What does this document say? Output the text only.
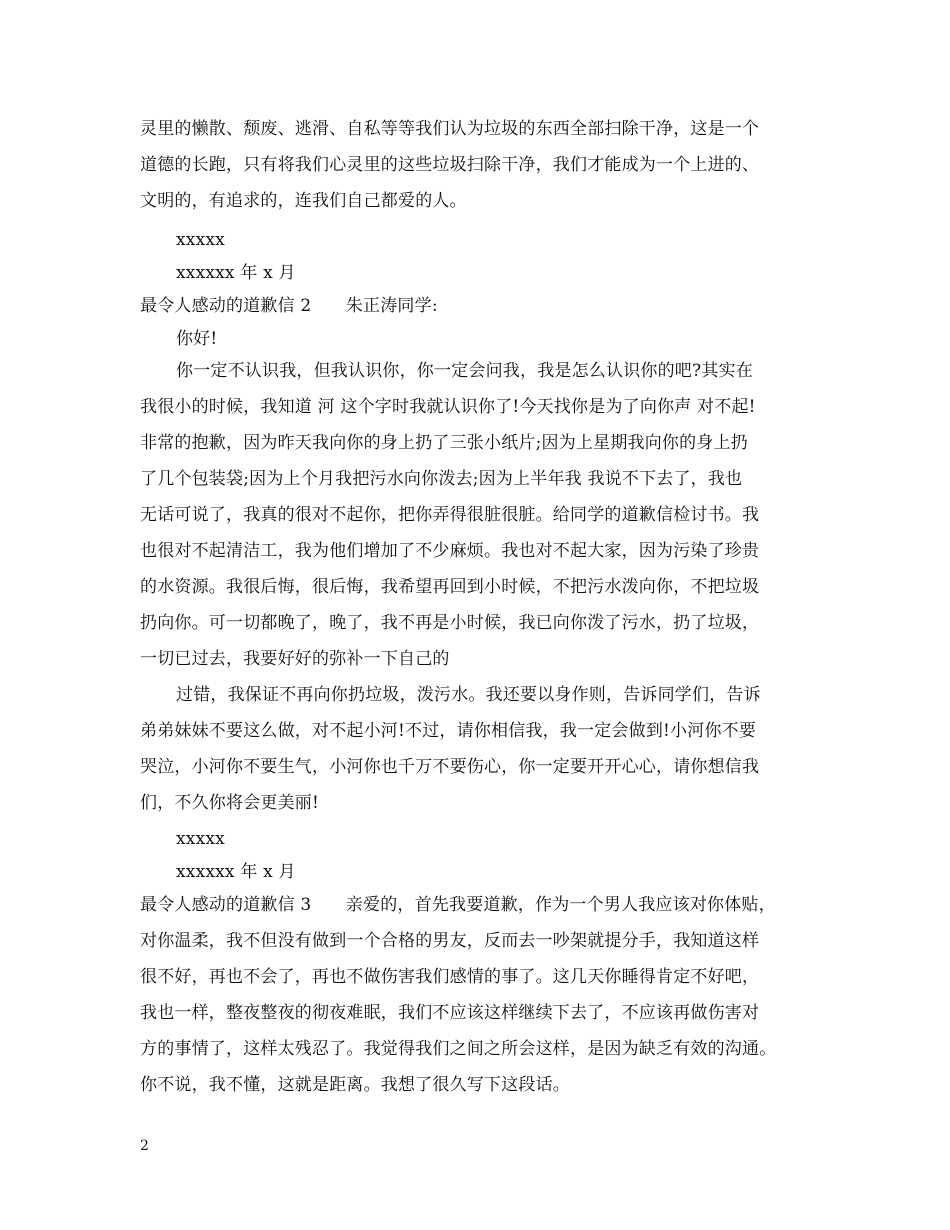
灵里的懒散、颓废、逃滑、自私等等我们认为垃圾的东西全部扫除干净，这是一个
道德的长跑，只有将我们心灵里的这些垃圾扫除干净，我们才能成为一个上进的、
文明的，有追求的，连我们自己都爱的人。
xxxxx
xxxxxx 年 x 月
最令人感动的道歉信 2　　朱正涛同学:
你好!
你一定不认识我，但我认识你，你一定会问我，我是怎么认识你的吧?其实在
我很小的时候，我知道 河 这个字时我就认识你了!今天找你是为了向你声 对不起!
非常的抱歉，因为昨天我向你的身上扔了三张小纸片;因为上星期我向你的身上扔
了几个包装袋;因为上个月我把污水向你泼去;因为上半年我 我说不下去了，我也
无话可说了，我真的很对不起你，把你弄得很脏很脏。给同学的道歉信检讨书。我
也很对不起清洁工，我为他们增加了不少麻烦。我也对不起大家，因为污染了珍贵
的水资源。我很后悔，很后悔，我希望再回到小时候，不把污水泼向你，不把垃圾
扔向你。可一切都晚了，晚了，我不再是小时候，我已向你泼了污水，扔了垃圾，
一切已过去，我要好好的弥补一下自己的
过错，我保证不再向你扔垃圾，泼污水。我还要以身作则，告诉同学们，告诉
弟弟妹妹不要这么做，对不起小河!不过，请你相信我，我一定会做到!小河你不要
哭泣，小河你不要生气，小河你也千万不要伤心，你一定要开开心心，请你想信我
们，不久你将会更美丽!
xxxxx
xxxxxx 年 x 月
最令人感动的道歉信 3　　亲爱的，首先我要道歉，作为一个男人我应该对你体贴，
对你温柔，我不但没有做到一个合格的男友，反而去一吵架就提分手，我知道这样
很不好，再也不会了，再也不做伤害我们感情的事了。这几天你睡得肯定不好吧，
我也一样，整夜整夜的彻夜难眠，我们不应该这样继续下去了，不应该再做伤害对
方的事情了，这样太残忍了。我觉得我们之间之所会这样，是因为缺乏有效的沟通。
你不说，我不懂，这就是距离。我想了很久写下这段话。
2
